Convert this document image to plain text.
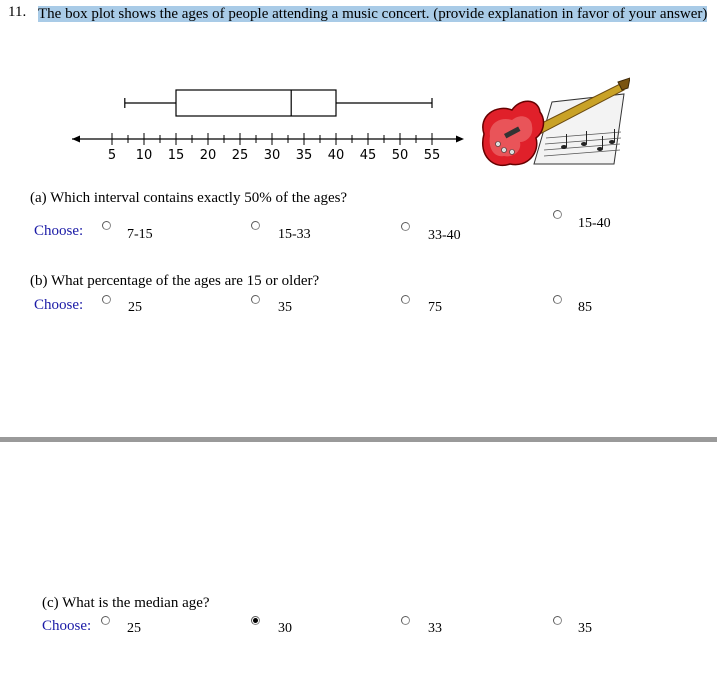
11. The box plot shows the ages of people attending a music concert. (provide explanation in favor of your answer)
5 10 15 20 25 30 35 40 45 50 55
(a) Which interval contains exactly 50% of the ages?
Choose:	7-15	15-33	33-40
15-40
(b) What percentage of the ages are 15 or older?
Choose:	25	35	75	85
(c) What is the median age?
Choose:	25	30	33	35
